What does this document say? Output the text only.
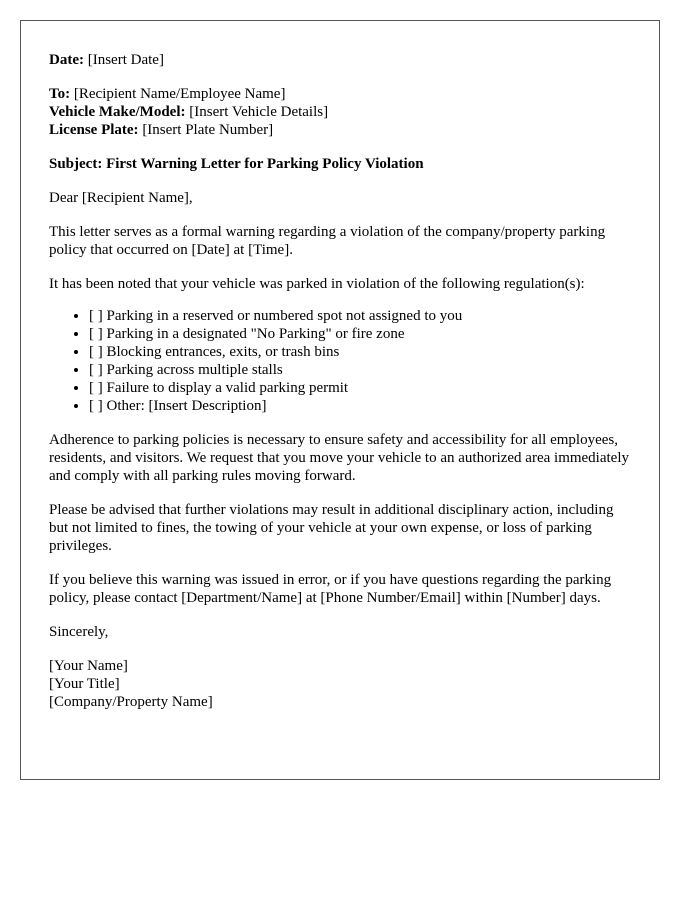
Date: [Insert Date]

To: [Recipient Name/Employee Name]

Vehicle Make/Model: [Insert Vehicle Details]

License Plate: [Insert Plate Number]

Subject: First Warning Letter for Parking Policy Violation

Dear [Recipient Name],

This letter serves as a formal warning regarding a violation of the company/property parking policy that occurred on [Date] at [Time].

It has been noted that your vehicle was parked in violation of the following regulation(s):

• [ ] Parking in a reserved or numbered spot not assigned to you
• [ ] Parking in a designated "No Parking" or fire zone
• [ ] Blocking entrances, exits, or trash bins
• [ ] Parking across multiple stalls
• [ ] Failure to display a valid parking permit
• [ ] Other: [Insert Description]

Adherence to parking policies is necessary to ensure safety and accessibility for all employees, residents, and visitors. We request that you move your vehicle to an authorized area immediately and comply with all parking rules moving forward.

Please be advised that further violations may result in additional disciplinary action, including but not limited to fines, the towing of your vehicle at your own expense, or loss of parking privileges.

If you believe this warning was issued in error, or if you have questions regarding the parking policy, please contact [Department/Name] at [Phone Number/Email] within [Number] days.

Sincerely,

[Your Name]

[Your Title]

[Company/Property Name]
